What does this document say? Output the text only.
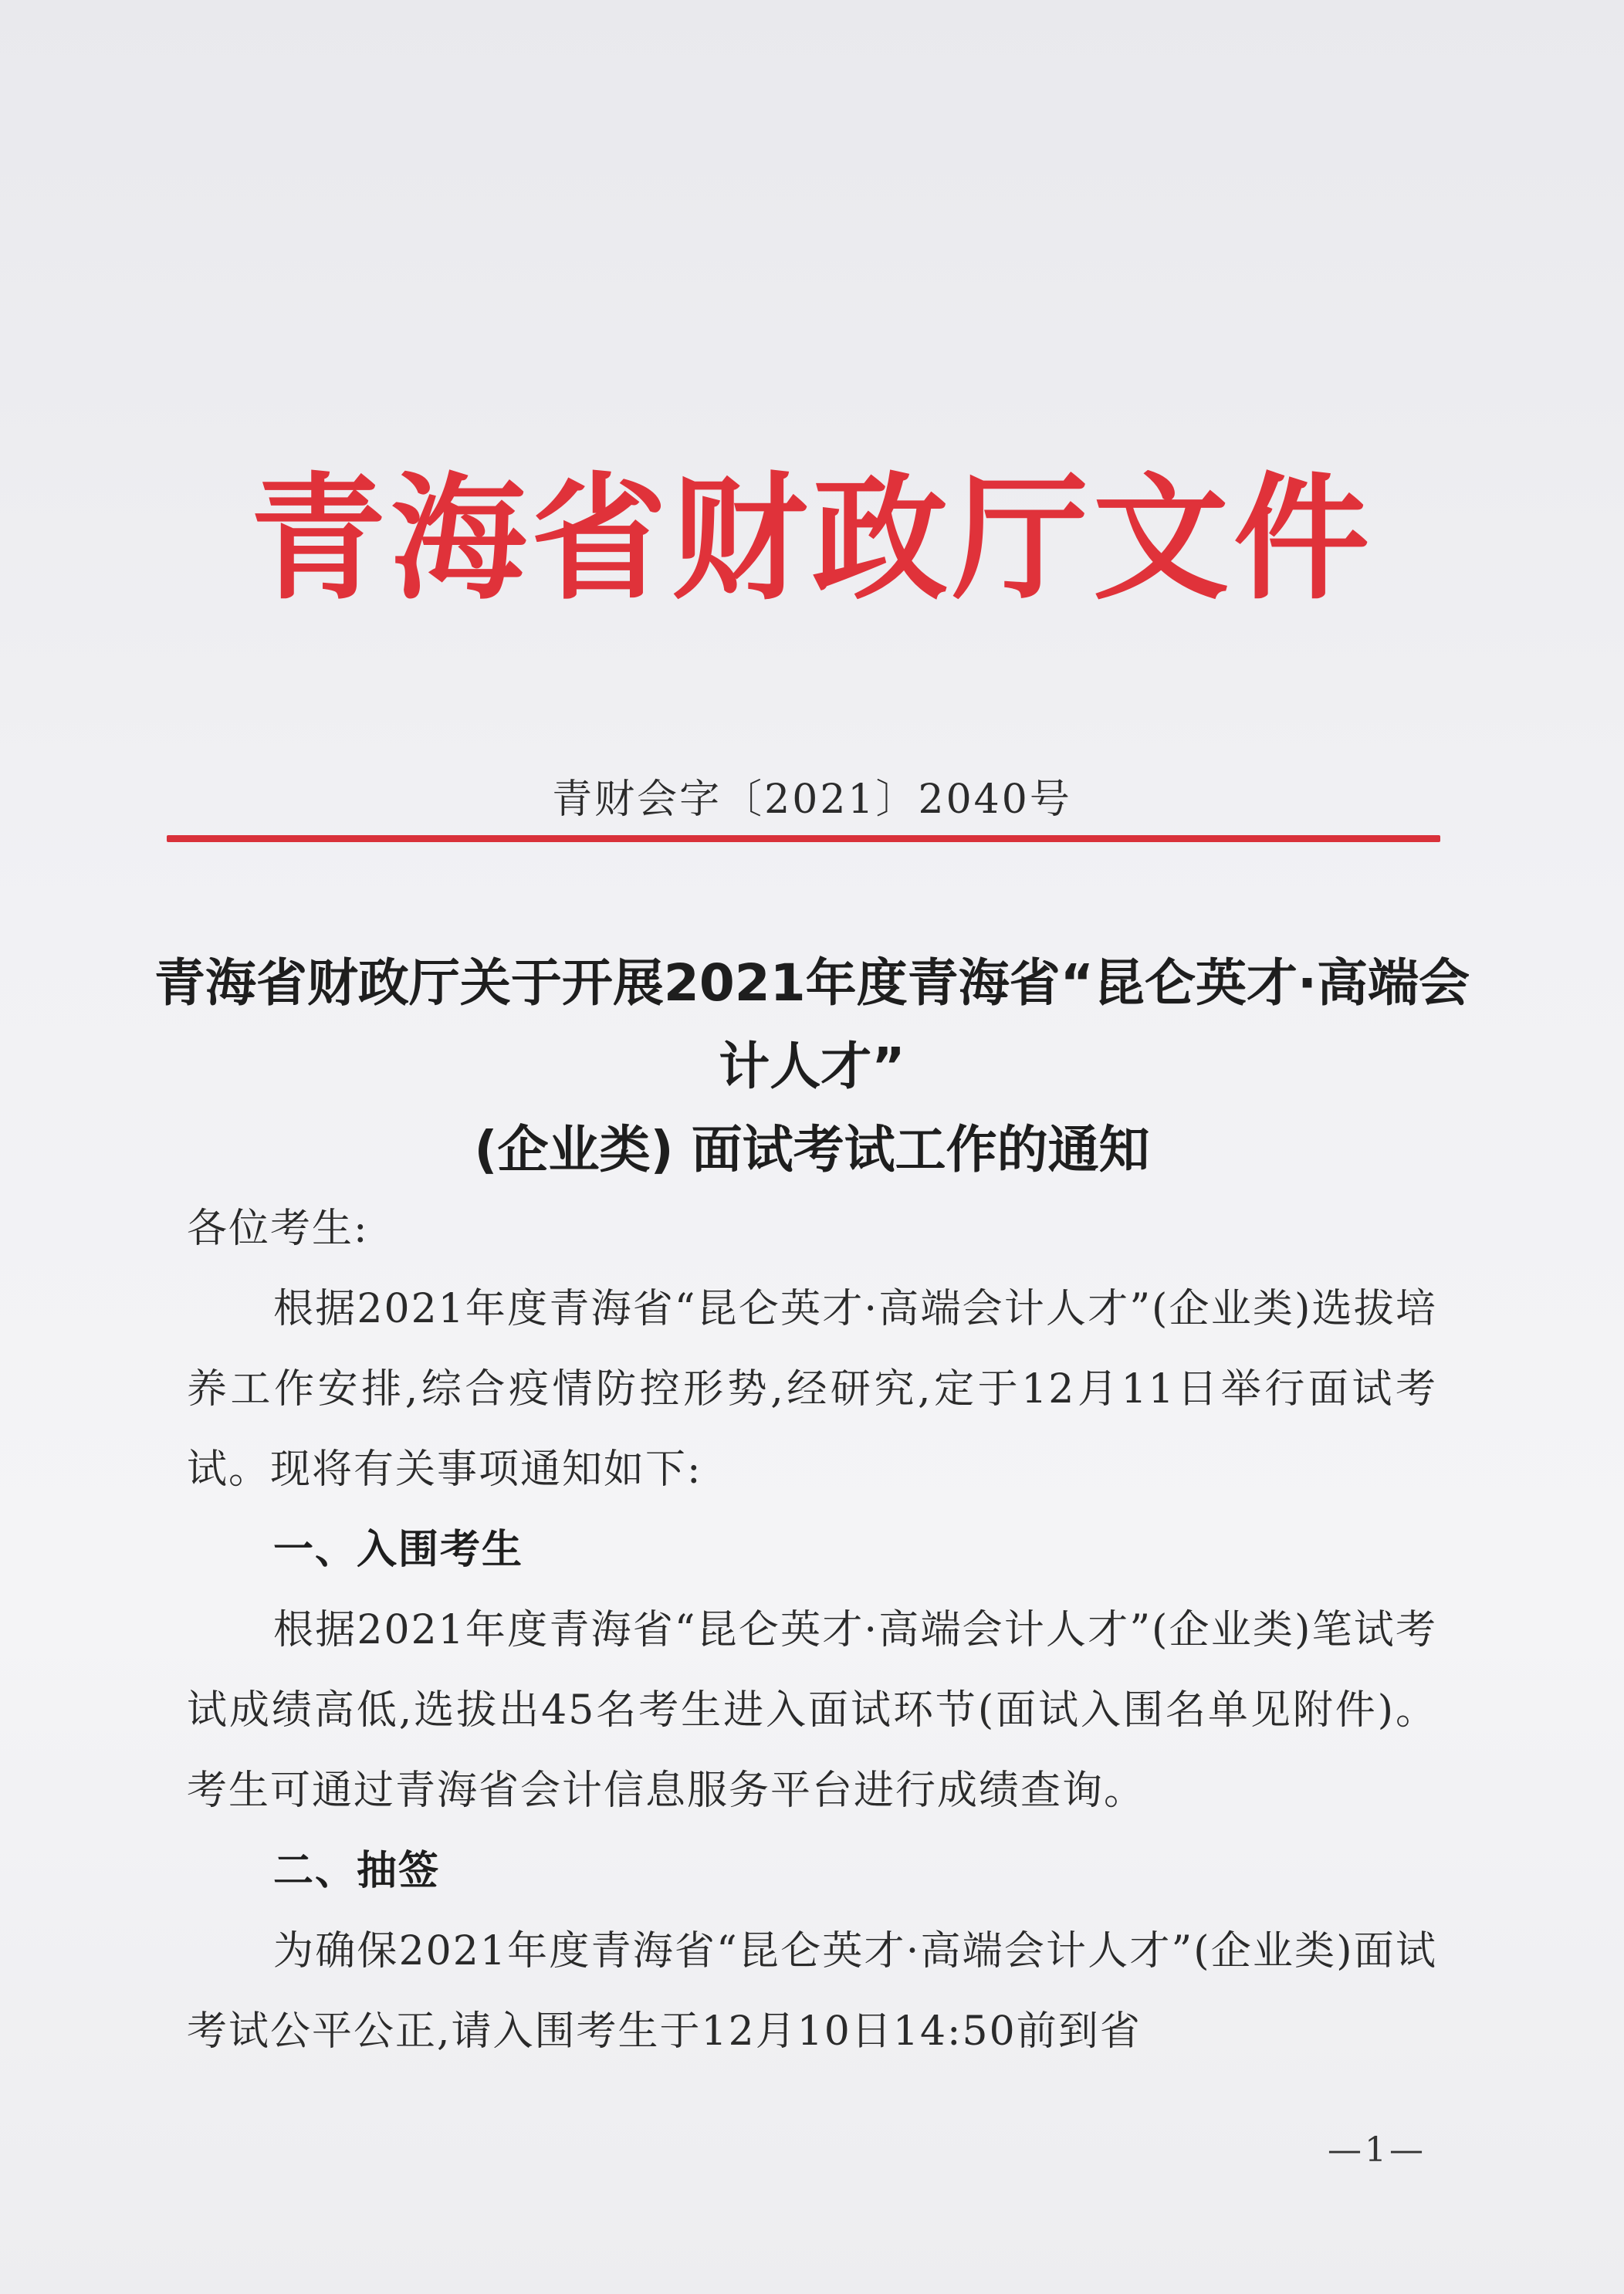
青海省财政厅文件
青财会字〔2021〕2040号
青海省财政厅关于开展2021年度青海省“昆仑英才·高端会计人才”
(企业类) 面试考试工作的通知

各位考生:

根据2021年度青海省“昆仑英才·高端会计人才”(企业类)选拔培养工作安排,综合疫情防控形势,经研究,定于12月11日举行面试考试。现将有关事项通知如下:

一、入围考生

根据2021年度青海省“昆仑英才·高端会计人才”(企业类)笔试考试成绩高低,选拔出45名考生进入面试环节(面试入围名单见附件)。考生可通过青海省会计信息服务平台进行成绩查询。

二、抽签

为确保2021年度青海省“昆仑英才·高端会计人才”(企业类)面试考试公平公正,请入围考生于12月10日14:50前到省

—1—
